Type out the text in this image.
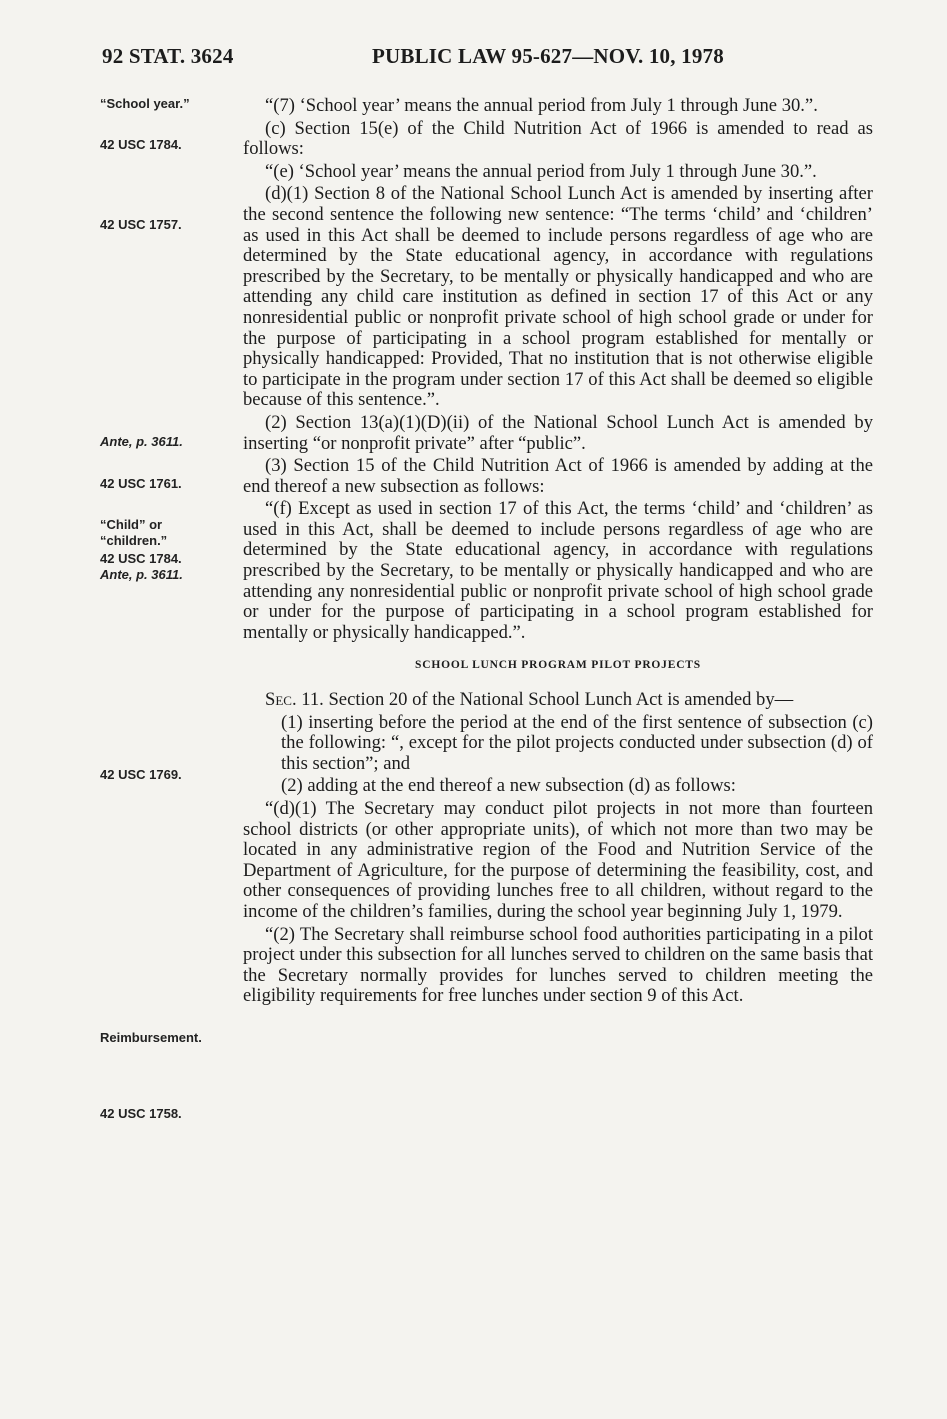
92 STAT. 3624	PUBLIC LAW 95-627—NOV. 10, 1978
“School year.”
42 USC 1784.
42 USC 1757.
Ante, p. 3611.
42 USC 1761.
“Child” or
“children.”
42 USC 1784.
Ante, p. 3611.
42 USC 1769.
Reimbursement.
42 USC 1758.

“(7) ‘School year’ means the annual period from July 1 through June 30.”.

(c) Section 15(e) of the Child Nutrition Act of 1966 is amended to read as follows:

“(e) ‘School year’ means the annual period from July 1 through June 30.”.

(d)(1) Section 8 of the National School Lunch Act is amended by inserting after the second sentence the following new sentence: “The terms ‘child’ and ‘children’ as used in this Act shall be deemed to include persons regardless of age who are determined by the State educational agency, in accordance with regulations prescribed by the Secretary, to be mentally or physically handicapped and who are attending any child care institution as defined in section 17 of this Act or any nonresidential public or nonprofit private school of high school grade or under for the purpose of participating in a school program established for mentally or physically handicapped: Provided, That no institution that is not otherwise eligible to participate in the program under section 17 of this Act shall be deemed so eligible because of this sentence.”.

(2) Section 13(a)(1)(D)(ii) of the National School Lunch Act is amended by inserting “or nonprofit private” after “public”.

(3) Section 15 of the Child Nutrition Act of 1966 is amended by adding at the end thereof a new subsection as follows:

“(f) Except as used in section 17 of this Act, the terms ‘child’ and ‘children’ as used in this Act, shall be deemed to include persons regardless of age who are determined by the State educational agency, in accordance with regulations prescribed by the Secretary, to be mentally or physically handicapped and who are attending any nonresidential public or nonprofit private school of high school grade or under for the purpose of participating in a school program established for mentally or physically handicapped.”.

SCHOOL LUNCH PROGRAM PILOT PROJECTS

Sec. 11. Section 20 of the National School Lunch Act is amended by—

(1) inserting before the period at the end of the first sentence of subsection (c) the following: “, except for the pilot projects conducted under subsection (d) of this section”; and

(2) adding at the end thereof a new subsection (d) as follows:

“(d)(1) The Secretary may conduct pilot projects in not more than fourteen school districts (or other appropriate units), of which not more than two may be located in any administrative region of the Food and Nutrition Service of the Department of Agriculture, for the purpose of determining the feasibility, cost, and other consequences of providing lunches free to all children, without regard to the income of the children’s families, during the school year beginning July 1, 1979.

“(2) The Secretary shall reimburse school food authorities participating in a pilot project under this subsection for all lunches served to children on the same basis that the Secretary normally provides for lunches served to children meeting the eligibility requirements for free lunches under section 9 of this Act.
